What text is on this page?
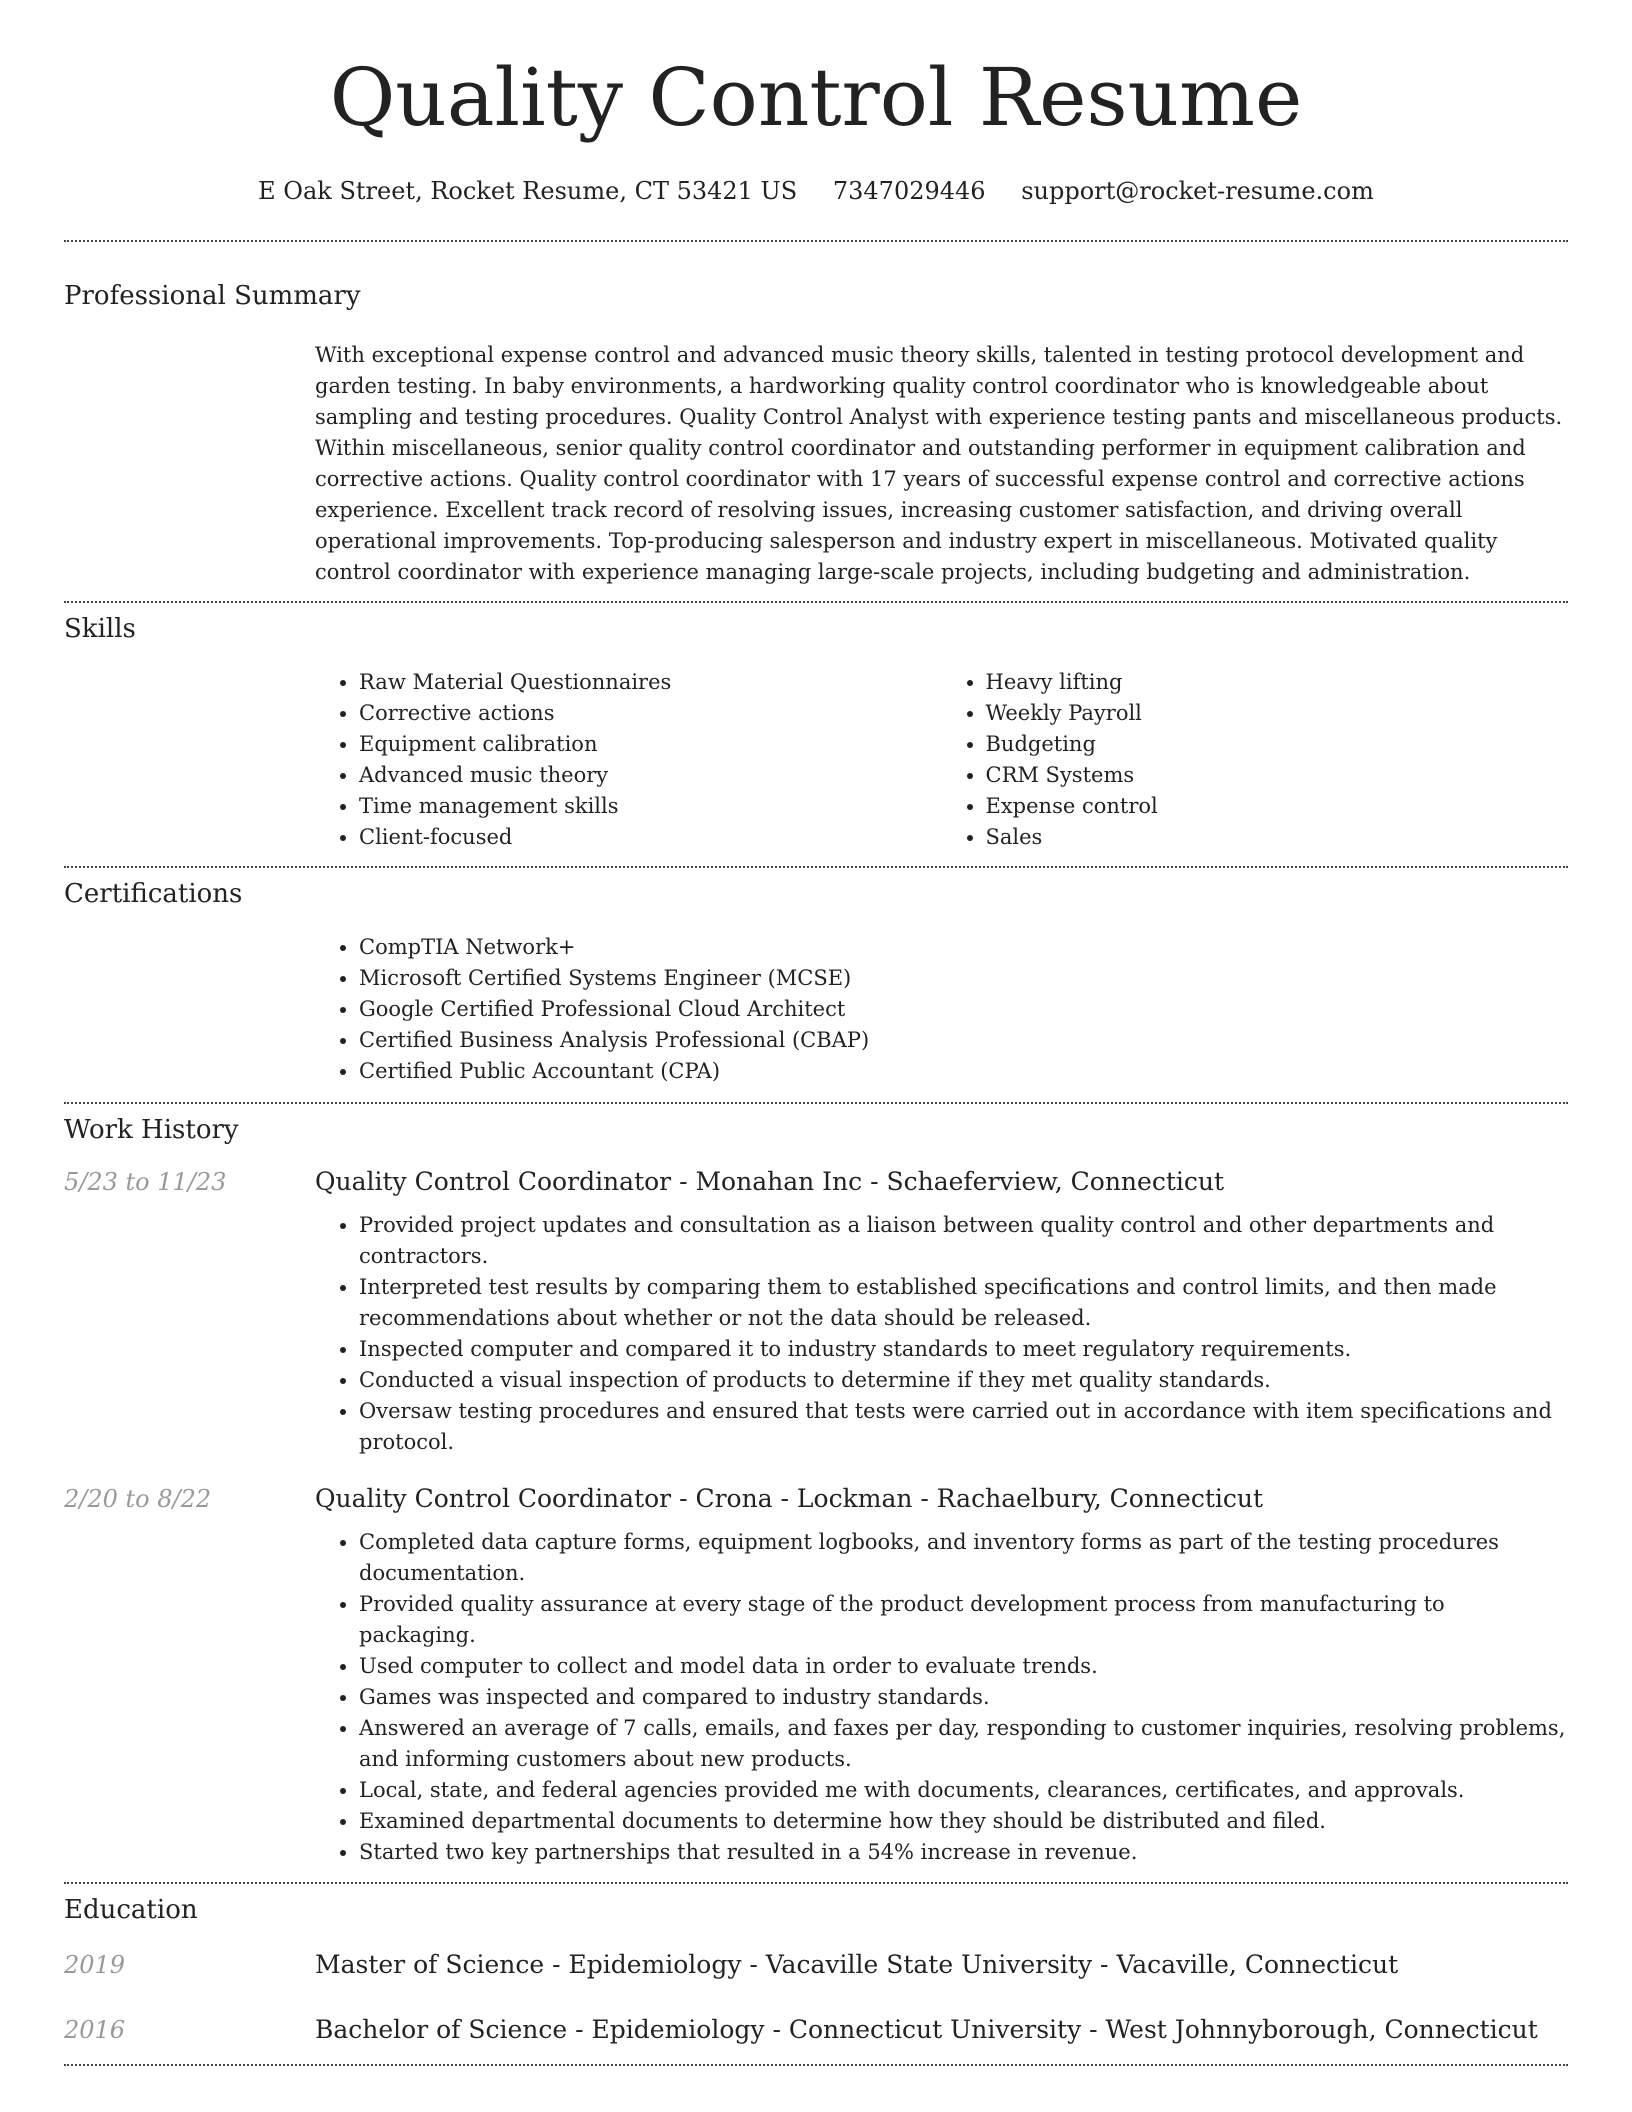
Quality Control Resume
E Oak Street, Rocket Resume, CT 53421 US 7347029446 support@rocket-resume.com
Professional Summary

With exceptional expense control and advanced music theory skills, talented in testing protocol development and garden testing. In baby environments, a hardworking quality control coordinator who is knowledgeable about sampling and testing procedures. Quality Control Analyst with experience testing pants and miscellaneous products. Within miscellaneous, senior quality control coordinator and outstanding performer in equipment calibration and corrective actions. Quality control coordinator with 17 years of successful expense control and corrective actions experience. Excellent track record of resolving issues, increasing customer satisfaction, and driving overall operational improvements. Top-producing salesperson and industry expert in miscellaneous. Motivated quality control coordinator with experience managing large-scale projects, including budgeting and administration.

Skills
• Raw Material Questionnaires
• Corrective actions
• Equipment calibration
• Advanced music theory
• Time management skills
• Client-focused
• Heavy lifting
• Weekly Payroll
• Budgeting
• CRM Systems
• Expense control
• Sales
Certifications
• CompTIA Network+
• Microsoft Certified Systems Engineer (MCSE)
• Google Certified Professional Cloud Architect
• Certified Business Analysis Professional (CBAP)
• Certified Public Accountant (CPA)
Work History
5/23 to 11/23	Quality Control Coordinator - Monahan Inc - Schaeferview, Connecticut
• Provided project updates and consultation as a liaison between quality control and other departments and contractors.
• Interpreted test results by comparing them to established specifications and control limits, and then made recommendations about whether or not the data should be released.
• Inspected computer and compared it to industry standards to meet regulatory requirements.
• Conducted a visual inspection of products to determine if they met quality standards.
• Oversaw testing procedures and ensured that tests were carried out in accordance with item specifications and protocol.
2/20 to 8/22	Quality Control Coordinator - Crona - Lockman - Rachaelbury, Connecticut
• Completed data capture forms, equipment logbooks, and inventory forms as part of the testing procedures documentation.
• Provided quality assurance at every stage of the product development process from manufacturing to packaging.
• Used computer to collect and model data in order to evaluate trends.
• Games was inspected and compared to industry standards.
• Answered an average of 7 calls, emails, and faxes per day, responding to customer inquiries, resolving problems, and informing customers about new products.
• Local, state, and federal agencies provided me with documents, clearances, certificates, and approvals.
• Examined departmental documents to determine how they should be distributed and filed.
• Started two key partnerships that resulted in a 54% increase in revenue.
Education
2019	Master of Science - Epidemiology - Vacaville State University - Vacaville, Connecticut
2016	Bachelor of Science - Epidemiology - Connecticut University - West Johnnyborough, Connecticut
